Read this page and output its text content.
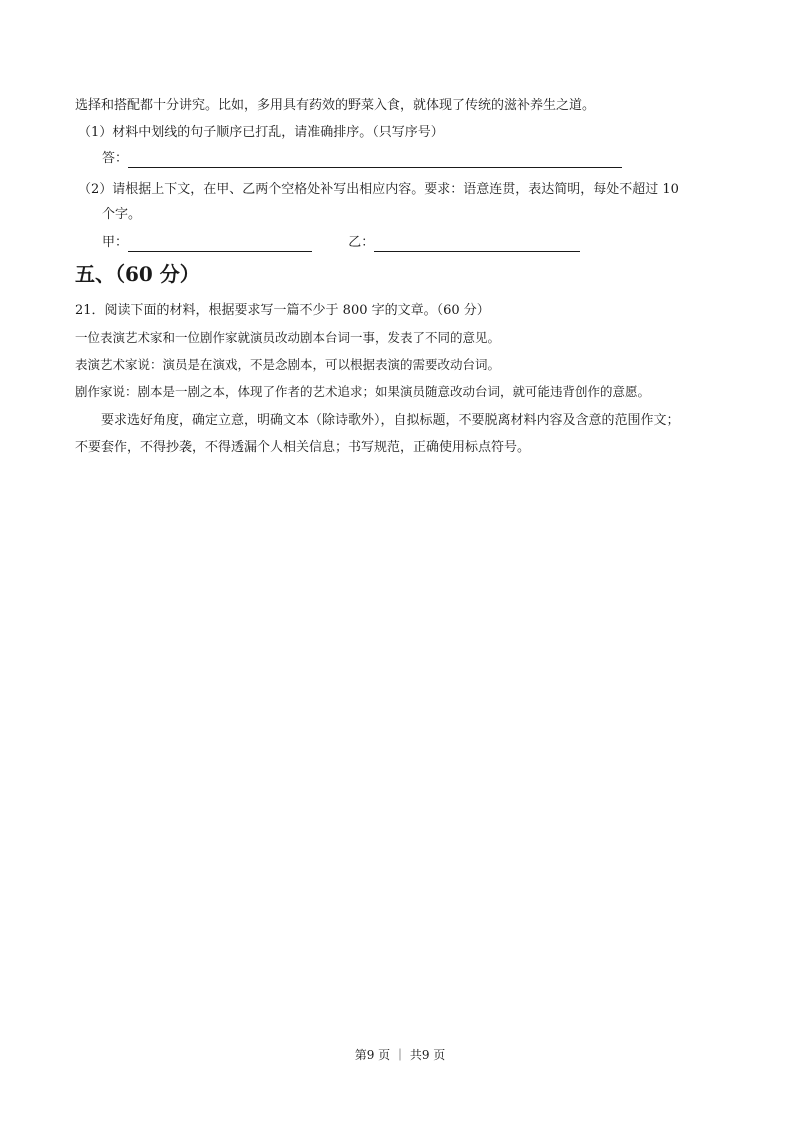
选择和搭配都十分讲究。比如，多用具有药效的野菜入食，就体现了传统的滋补养生之道。
（1）材料中划线的句子顺序已打乱，请准确排序。（只写序号）
答：
（2）请根据上下文，在甲、乙两个空格处补写出相应内容。要求：语意连贯，表达简明，每处不超过 10
个字。
甲：	乙：
五、（60 分）
21．阅读下面的材料，根据要求写一篇不少于 800 字的文章。（60 分）
一位表演艺术家和一位剧作家就演员改动剧本台词一事，发表了不同的意见。
表演艺术家说：演员是在演戏，不是念剧本，可以根据表演的需要改动台词。
剧作家说：剧本是一剧之本，体现了作者的艺术追求；如果演员随意改动台词，就可能违背创作的意愿。
要求选好角度，确定立意，明确文本（除诗歌外），自拟标题，不要脱离材料内容及含意的范围作文；
不要套作，不得抄袭，不得透漏个人相关信息；书写规范，正确使用标点符号。
第9 页 ｜ 共9 页
